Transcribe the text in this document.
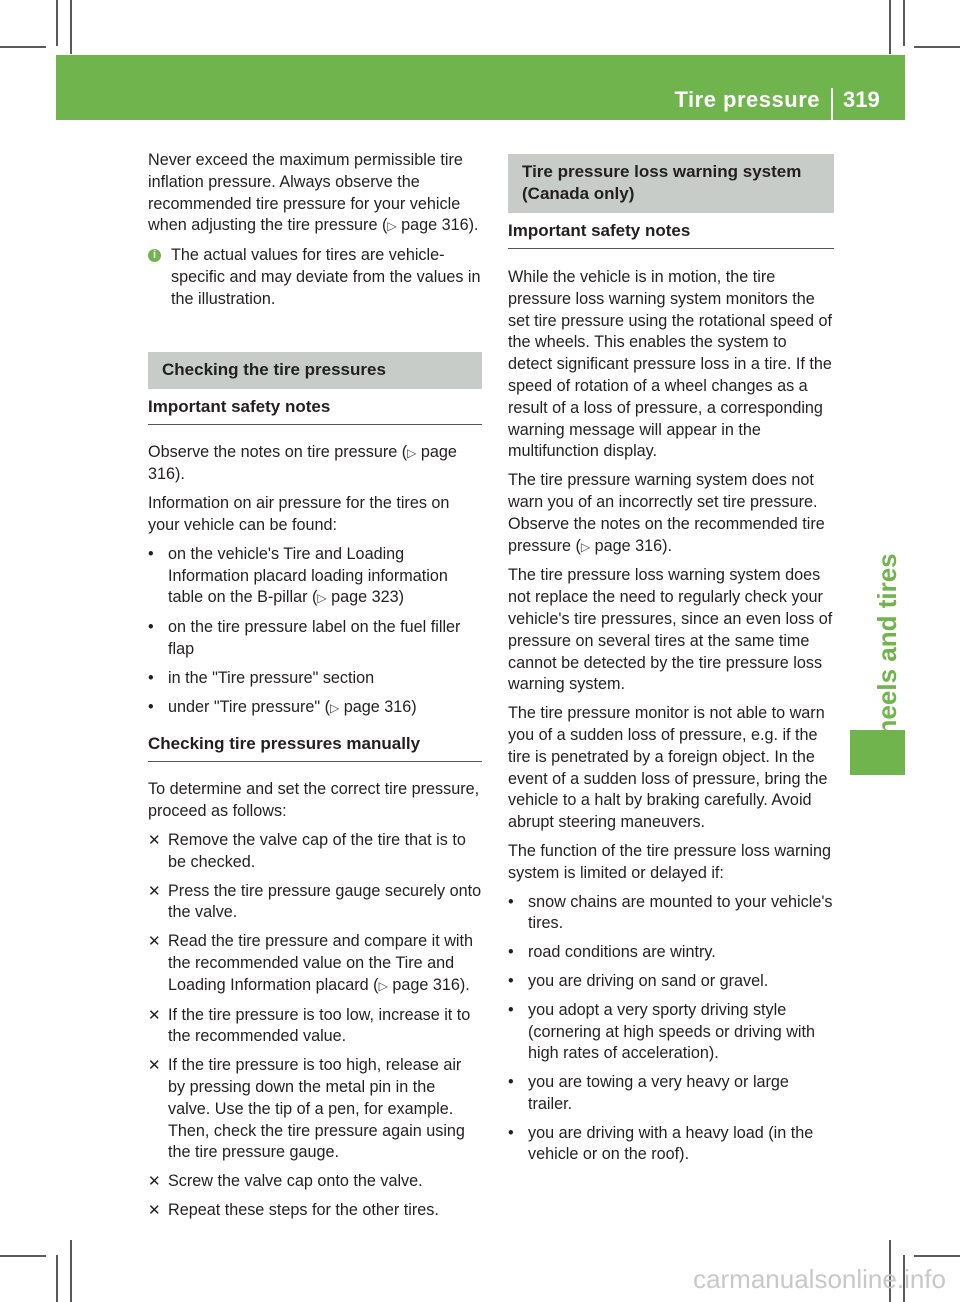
Tire pressure 319
Wheels and tires

Never exceed the maximum permissible tire inflation pressure. Always observe the recommended tire pressure for your vehicle when adjusting the tire pressure (▷ page 316).

i The actual values for tires are vehicle-specific and may deviate from the values in the illustration.
Checking the tire pressures
Important safety notes

Observe the notes on tire pressure (▷ page 316).

Information on air pressure for the tires on your vehicle can be found:

• on the vehicle's Tire and Loading Information placard loading information table on the B-pillar (▷ page 323)
• on the tire pressure label on the fuel filler flap
• in the "Tire pressure" section
• under "Tire pressure" (▷ page 316)
Checking tire pressures manually

To determine and set the correct tire pressure, proceed as follows:

✕ Remove the valve cap of the tire that is to be checked.
✕ Press the tire pressure gauge securely onto the valve.
✕ Read the tire pressure and compare it with the recommended value on the Tire and Loading Information placard (▷ page 316).
✕ If the tire pressure is too low, increase it to the recommended value.
✕ If the tire pressure is too high, release air by pressing down the metal pin in the valve. Use the tip of a pen, for example. Then, check the tire pressure again using the tire pressure gauge.
✕ Screw the valve cap onto the valve.
✕ Repeat these steps for the other tires.
Tire pressure loss warning system (Canada only)
Important safety notes

While the vehicle is in motion, the tire pressure loss warning system monitors the set tire pressure using the rotational speed of the wheels. This enables the system to detect significant pressure loss in a tire. If the speed of rotation of a wheel changes as a result of a loss of pressure, a corresponding warning message will appear in the multifunction display.

The tire pressure warning system does not warn you of an incorrectly set tire pressure. Observe the notes on the recommended tire pressure (▷ page 316).

The tire pressure loss warning system does not replace the need to regularly check your vehicle's tire pressures, since an even loss of pressure on several tires at the same time cannot be detected by the tire pressure loss warning system.

The tire pressure monitor is not able to warn you of a sudden loss of pressure, e.g. if the tire is penetrated by a foreign object. In the event of a sudden loss of pressure, bring the vehicle to a halt by braking carefully. Avoid abrupt steering maneuvers.

The function of the tire pressure loss warning system is limited or delayed if:

• snow chains are mounted to your vehicle's tires.
• road conditions are wintry.
• you are driving on sand or gravel.
• you adopt a very sporty driving style (cornering at high speeds or driving with high rates of acceleration).
• you are towing a very heavy or large trailer.
• you are driving with a heavy load (in the vehicle or on the roof).
carmanualsonline.info
